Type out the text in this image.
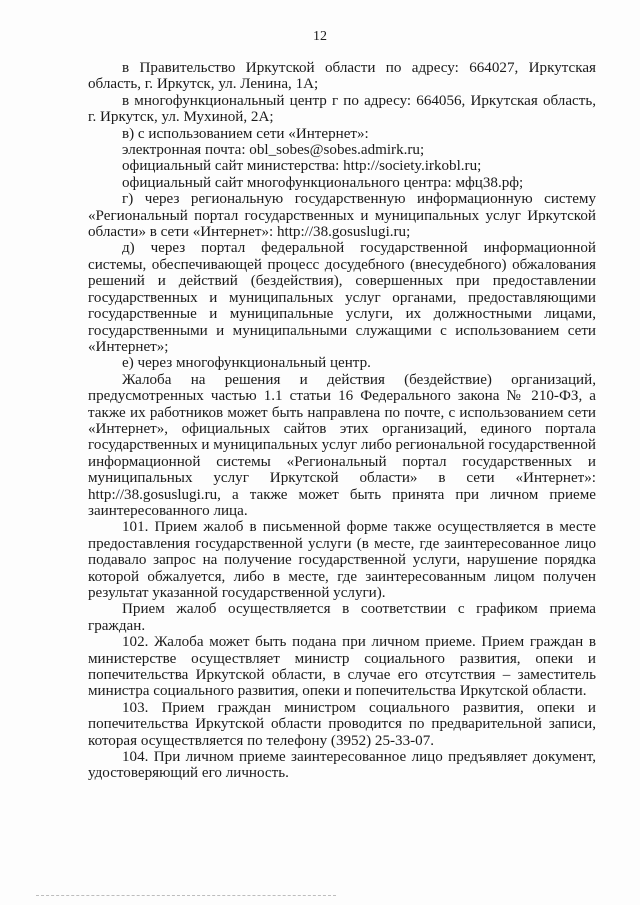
12

в Правительство Иркутской области по адресу: 664027, Иркутская область, г. Иркутск, ул. Ленина, 1А;

в многофункциональный центр г по адресу: 664056, Иркутская область, г. Иркутск, ул. Мухиной, 2А;

в) с использованием сети «Интернет»:

электронная почта: obl_sobes@sobes.admirk.ru;

официальный сайт министерства: http://society.irkobl.ru;

официальный сайт многофункционального центра: мфц38.рф;

г) через региональную государственную информационную систему «Региональный портал государственных и муниципальных услуг Иркутской области» в сети «Интернет»: http://38.gosuslugi.ru;

д) через портал федеральной государственной информационной системы, обеспечивающей процесс досудебного (внесудебного) обжалования решений и действий (бездействия), совершенных при предоставлении государственных и муниципальных услуг органами, предоставляющими государственные и муниципальные услуги, их должностными лицами, государственными и муниципальными служащими с использованием сети «Интернет»;

е) через многофункциональный центр.

Жалоба на решения и действия (бездействие) организаций, предусмотренных частью 1.1 статьи 16 Федерального закона № 210-ФЗ, а также их работников может быть направлена по почте, с использованием сети «Интернет», официальных сайтов этих организаций, единого портала государственных и муниципальных услуг либо региональной государственной информационной системы «Региональный портал государственных и муниципальных услуг Иркутской области» в сети «Интернет»: http://38.gosuslugi.ru, а также может быть принята при личном приеме заинтересованного лица.

101. Прием жалоб в письменной форме также осуществляется в месте предоставления государственной услуги (в месте, где заинтересованное лицо подавало запрос на получение государственной услуги, нарушение порядка которой обжалуется, либо в месте, где заинтересованным лицом получен результат указанной государственной услуги).

Прием жалоб осуществляется в соответствии с графиком приема граждан.

102. Жалоба может быть подана при личном приеме. Прием граждан в министерстве осуществляет министр социального развития, опеки и попечительства Иркутской области, в случае его отсутствия – заместитель министра социального развития, опеки и попечительства Иркутской области.

103. Прием граждан министром социального развития, опеки и попечительства Иркутской области проводится по предварительной записи, которая осуществляется по телефону (3952) 25-33-07.

104. При личном приеме заинтересованное лицо предъявляет документ, удостоверяющий его личность.
